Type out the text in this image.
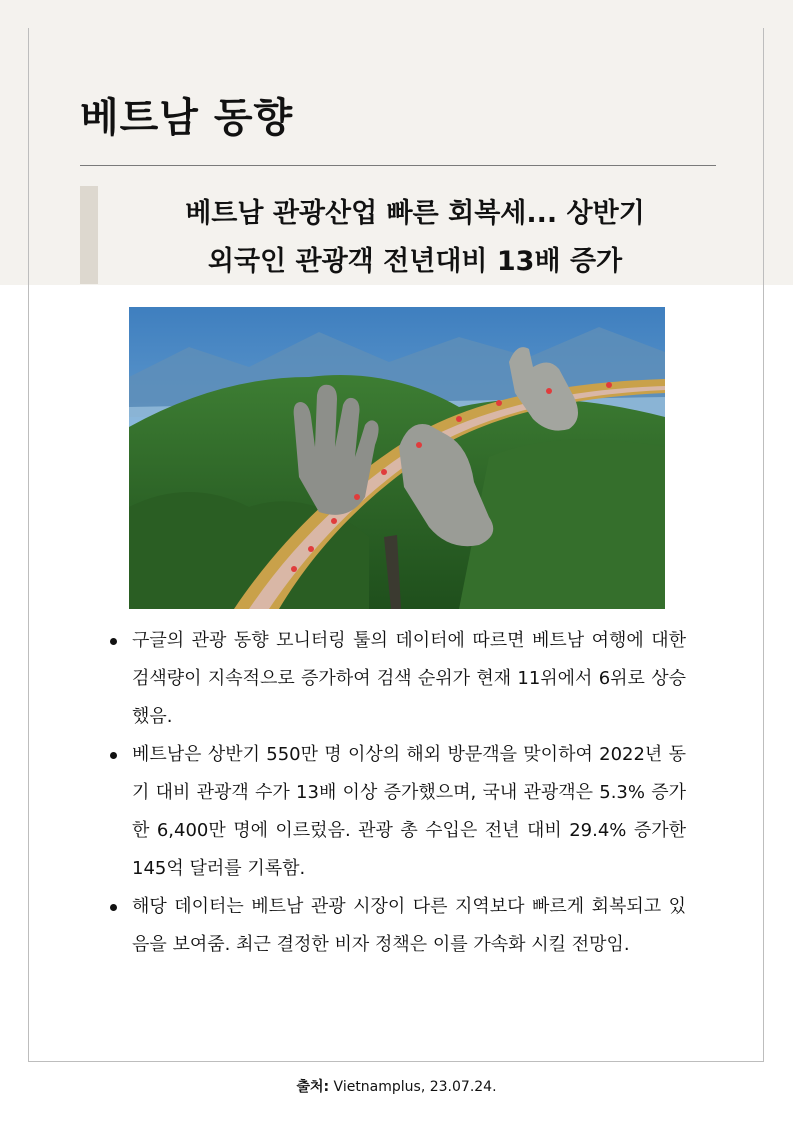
베트남 동향
베트남 관광산업 빠른 회복세... 상반기
외국인 관광객 전년대비 13배 증가
구글의 관광 동향 모니터링 툴의 데이터에 따르면 베트남 여행에 대한 검색량이 지속적으로 증가하여 검색 순위가 현재 11위에서 6위로 상승했음.
베트남은 상반기 550만 명 이상의 해외 방문객을 맞이하여 2022년 동기 대비 관광객 수가 13배 이상 증가했으며, 국내 관광객은 5.3% 증가한 6,400만 명에 이르렀음. 관광 총 수입은 전년 대비 29.4% 증가한 145억 달러를 기록함.
해당 데이터는 베트남 관광 시장이 다른 지역보다 빠르게 회복되고 있음을 보여줌. 최근 결정한 비자 정책은 이를 가속화 시킬 전망임.

출처: Vietnamplus, 23.07.24.
